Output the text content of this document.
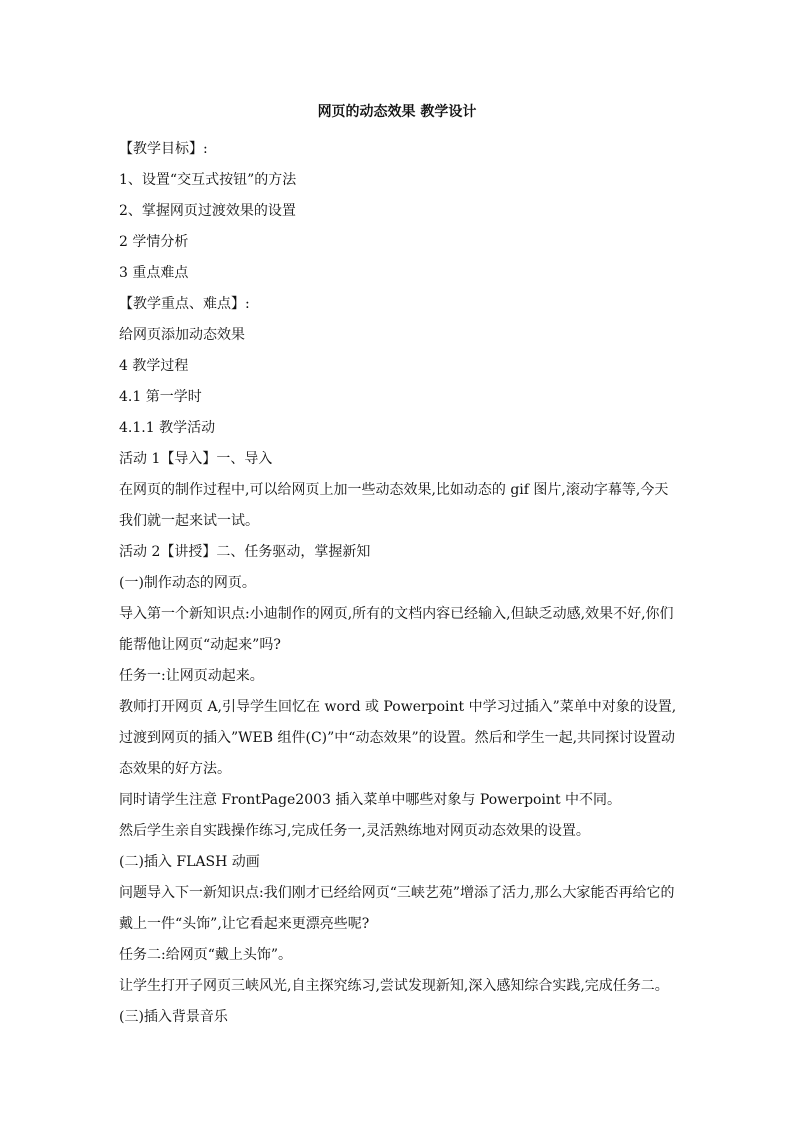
网页的动态效果 教学设计

【教学目标】:

1、设置“交互式按钮”的方法

2、掌握网页过渡效果的设置

2 学情分析

3 重点难点

【教学重点、难点】:

给网页添加动态效果

4 教学过程

4.1 第一学时

4.1.1 教学活动

活动 1【导入】一、导入

在网页的制作过程中,可以给网页上加一些动态效果,比如动态的 gif 图片,滚动字幕等,今天我们就一起来试一试。

活动 2【讲授】二、任务驱动，掌握新知

(一)制作动态的网页。

导入第一个新知识点:小迪制作的网页,所有的文档内容已经输入,但缺乏动感,效果不好,你们能帮他让网页“动起来”吗?

任务一:让网页动起来。

教师打开网页 A,引导学生回忆在 word 或 Powerpoint 中学习过插入”菜单中对象的设置,过渡到网页的插入”WEB 组件(C)”中“动态效果”的设置。然后和学生一起,共同探讨设置动态效果的好方法。

同时请学生注意 FrontPage2003 插入菜单中哪些对象与 Powerpoint 中不同。

然后学生亲自实践操作练习,完成任务一,灵活熟练地对网页动态效果的设置。

(二)插入 FLASH 动画

问题导入下一新知识点:我们刚才已经给网页“三峡艺苑”增添了活力,那么大家能否再给它的戴上一件“头饰”,让它看起来更漂亮些呢?

任务二:给网页“戴上头饰”。

让学生打开子网页三峡风光,自主探究练习,尝试发现新知,深入感知综合实践,完成任务二。

(三)插入背景音乐
